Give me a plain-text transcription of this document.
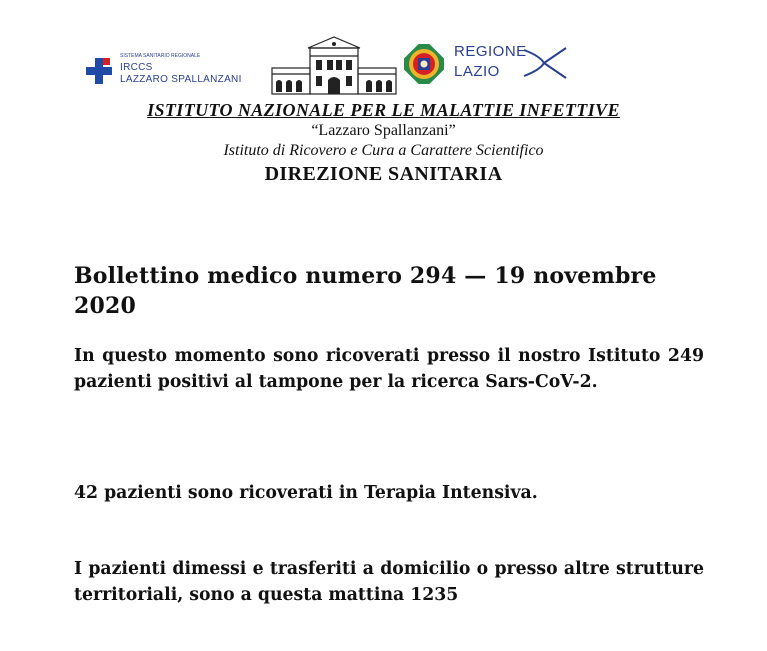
SISTEMA SANITARIO REGIONALE
IRCCS
LAZZARO SPALLANZANI
REGIONE
LAZIO

ISTITUTO NAZIONALE PER LE MALATTIE INFETTIVE

“Lazzaro Spallanzani”

Istituto di Ricovero e Cura a Carattere Scientifico

DIREZIONE SANITARIA

Bollettino medico numero 294 — 19 novembre 2020

In questo momento sono ricoverati presso il nostro Istituto 249 pazienti positivi al tampone per la ricerca Sars-CoV-2.

42 pazienti sono ricoverati in Terapia Intensiva.

I pazienti dimessi e trasferiti a domicilio o presso altre strutture territoriali, sono a questa mattina 1235
